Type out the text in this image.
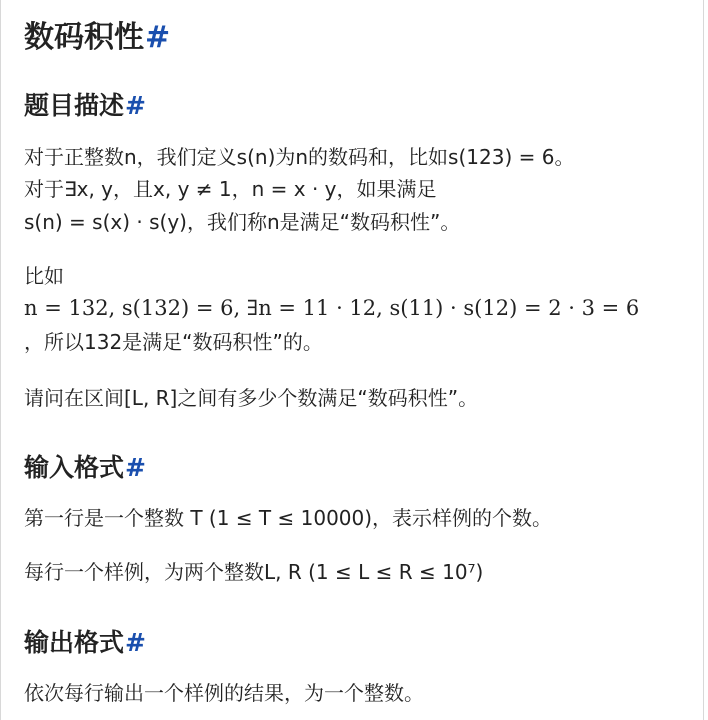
数码积性#
题目描述#
对于正整数n，我们定义s(n)为n的数码和，比如s(123) = 6。
对于∃x, y，且x, y ≠ 1，n = x · y，如果满足
s(n) = s(x) · s(y)，我们称n是满足“数码积性”。
比如
n = 132, s(132) = 6, ∃n = 11 · 12, s(11) · s(12) = 2 · 3 = 6
，所以132是满足“数码积性”的。
请问在区间[L, R]之间有多少个数满足“数码积性”。
输入格式#
第一行是一个整数 T (1 ≤ T ≤ 10000)，表示样例的个数。
每行一个样例，为两个整数L, R (1 ≤ L ≤ R ≤ 10⁷)
输出格式#
依次每行输出一个样例的结果，为一个整数。
